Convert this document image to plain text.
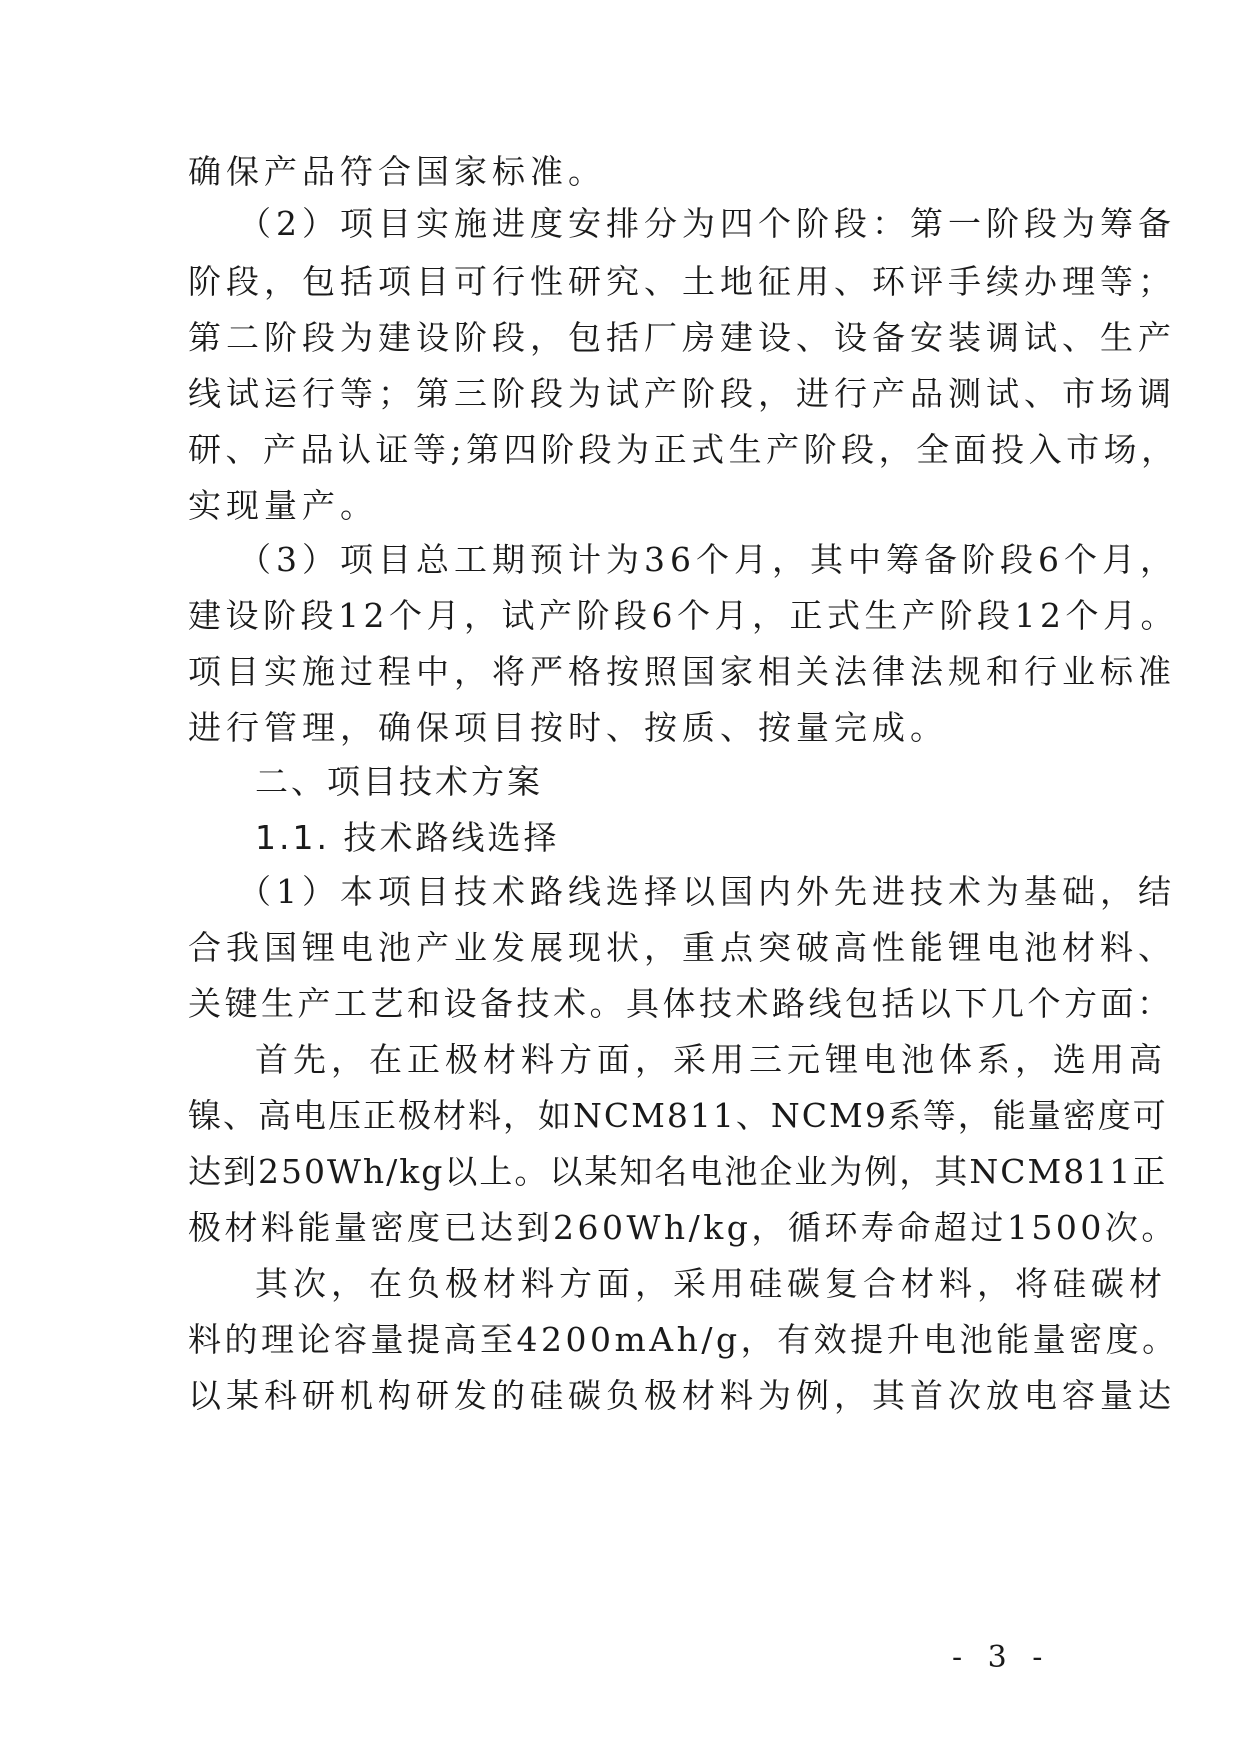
确保产品符合国家标准。
（2）项目实施进度安排分为四个阶段：第一阶段为筹备
阶段，包括项目可行性研究、土地征用、环评手续办理等；
第二阶段为建设阶段，包括厂房建设、设备安装调试、生产
线试运行等；第三阶段为试产阶段，进行产品测试、市场调
研、产品认证等;第四阶段为正式生产阶段，全面投入市场，
实现量产。
（3）项目总工期预计为36个月，其中筹备阶段6个月，
建设阶段12个月，试产阶段6个月，正式生产阶段12个月。
项目实施过程中，将严格按照国家相关法律法规和行业标准
进行管理，确保项目按时、按质、按量完成。
二、项目技术方案
1.1. 技术路线选择
（1）本项目技术路线选择以国内外先进技术为基础，结
合我国锂电池产业发展现状，重点突破高性能锂电池材料、
关键生产工艺和设备技术。具体技术路线包括以下几个方面：
首先，在正极材料方面，采用三元锂电池体系，选用高
镍、高电压正极材料，如NCM811、NCM9系等，能量密度可
达到250Wh/kg以上。以某知名电池企业为例，其NCM811正
极材料能量密度已达到260Wh/kg，循环寿命超过1500次。
其次，在负极材料方面，采用硅碳复合材料，将硅碳材
料的理论容量提高至4200mAh/g，有效提升电池能量密度。
以某科研机构研发的硅碳负极材料为例，其首次放电容量达
- 3 -
